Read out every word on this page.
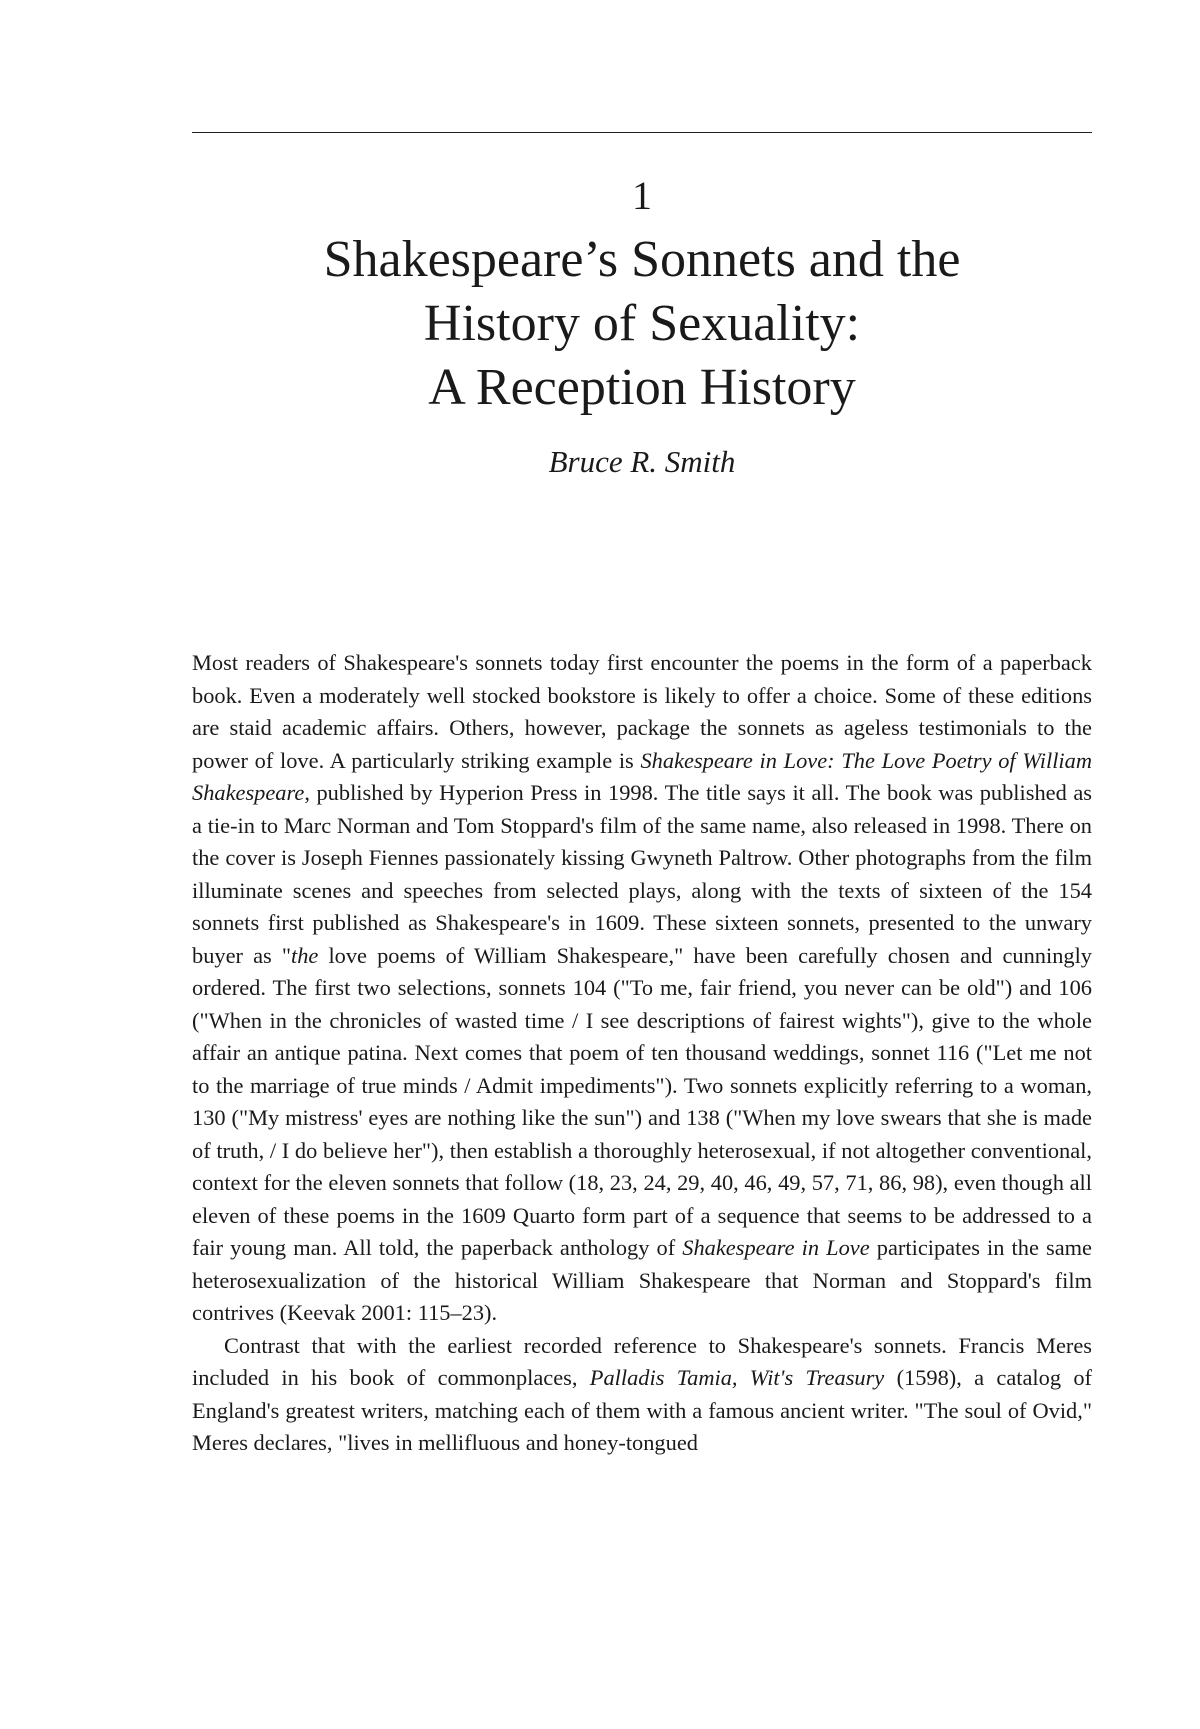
1
Shakespeare’s Sonnets and the
History of Sexuality:
A Reception History
Bruce R. Smith

Most readers of Shakespeare's sonnets today first encounter the poems in the form of a paperback book. Even a moderately well stocked bookstore is likely to offer a choice. Some of these editions are staid academic affairs. Others, however, package the sonnets as ageless testimonials to the power of love. A particularly striking example is Shakespeare in Love: The Love Poetry of William Shakespeare, published by Hyperion Press in 1998. The title says it all. The book was published as a tie-in to Marc Norman and Tom Stoppard's film of the same name, also released in 1998. There on the cover is Joseph Fiennes passionately kissing Gwyneth Paltrow. Other photographs from the film illuminate scenes and speeches from selected plays, along with the texts of sixteen of the 154 sonnets first published as Shakespeare's in 1609. These sixteen sonnets, presented to the unwary buyer as "the love poems of William Shakespeare," have been carefully chosen and cunningly ordered. The first two selections, sonnets 104 ("To me, fair friend, you never can be old") and 106 ("When in the chronicles of wasted time / I see descriptions of fairest wights"), give to the whole affair an antique patina. Next comes that poem of ten thousand weddings, sonnet 116 ("Let me not to the marriage of true minds / Admit impediments"). Two sonnets explicitly referring to a woman, 130 ("My mistress' eyes are nothing like the sun") and 138 ("When my love swears that she is made of truth, / I do believe her"), then establish a thoroughly heterosexual, if not altogether conventional, context for the eleven sonnets that follow (18, 23, 24, 29, 40, 46, 49, 57, 71, 86, 98), even though all eleven of these poems in the 1609 Quarto form part of a sequence that seems to be addressed to a fair young man. All told, the paperback anthology of Shakespeare in Love participates in the same heterosexualization of the historical William Shakespeare that Norman and Stoppard's film contrives (Keevak 2001: 115–23).

Contrast that with the earliest recorded reference to Shakespeare's sonnets. Francis Meres included in his book of commonplaces, Palladis Tamia, Wit's Treasury (1598), a catalog of England's greatest writers, matching each of them with a famous ancient writer. "The soul of Ovid," Meres declares, "lives in mellifluous and honey-tongued
